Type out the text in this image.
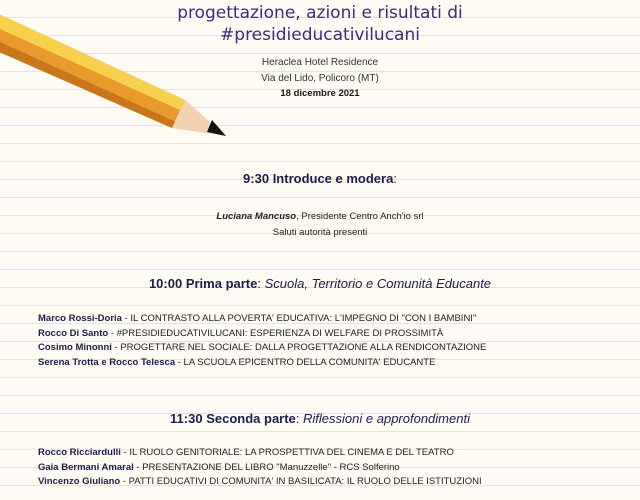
progettazione, azioni e risultati di
#presidieducativilucani
Heraclea Hotel Residence
Via del Lido, Policoro (MT)
18 dicembre 2021
9:30 Introduce e modera:
Luciana Mancuso, Presidente Centro Anch'io srl
Saluti autorità presenti
10:00 Prima parte: Scuola, Territorio e Comunità Educante
Marco Rossi-Doria - IL CONTRASTO ALLA POVERTA' EDUCATIVA: L'IMPEGNO DI "CON I BAMBINI"
Rocco Di Santo - #PRESIDIEDUCATIVILUCANI: ESPERIENZA DI WELFARE DI PROSSIMITÀ
Cosimo Minonni - PROGETTARE NEL SOCIALE: DALLA PROGETTAZIONE ALLA RENDICONTAZIONE
Serena Trotta e Rocco Telesca - LA SCUOLA EPICENTRO DELLA COMUNITA' EDUCANTE
11:30 Seconda parte: Riflessioni e approfondimenti
Rocco Ricciardulli - IL RUOLO GENITORIALE: LA PROSPETTIVA DEL CINEMA E DEL TEATRO
Gaia Bermani Amaral - PRESENTAZIONE DEL LIBRO "Manuzzelle" - RCS Solferino
Vincenzo Giuliano - PATTI EDUCATIVI DI COMUNITA' IN BASILICATA: IL RUOLO DELLE ISTITUZIONI
